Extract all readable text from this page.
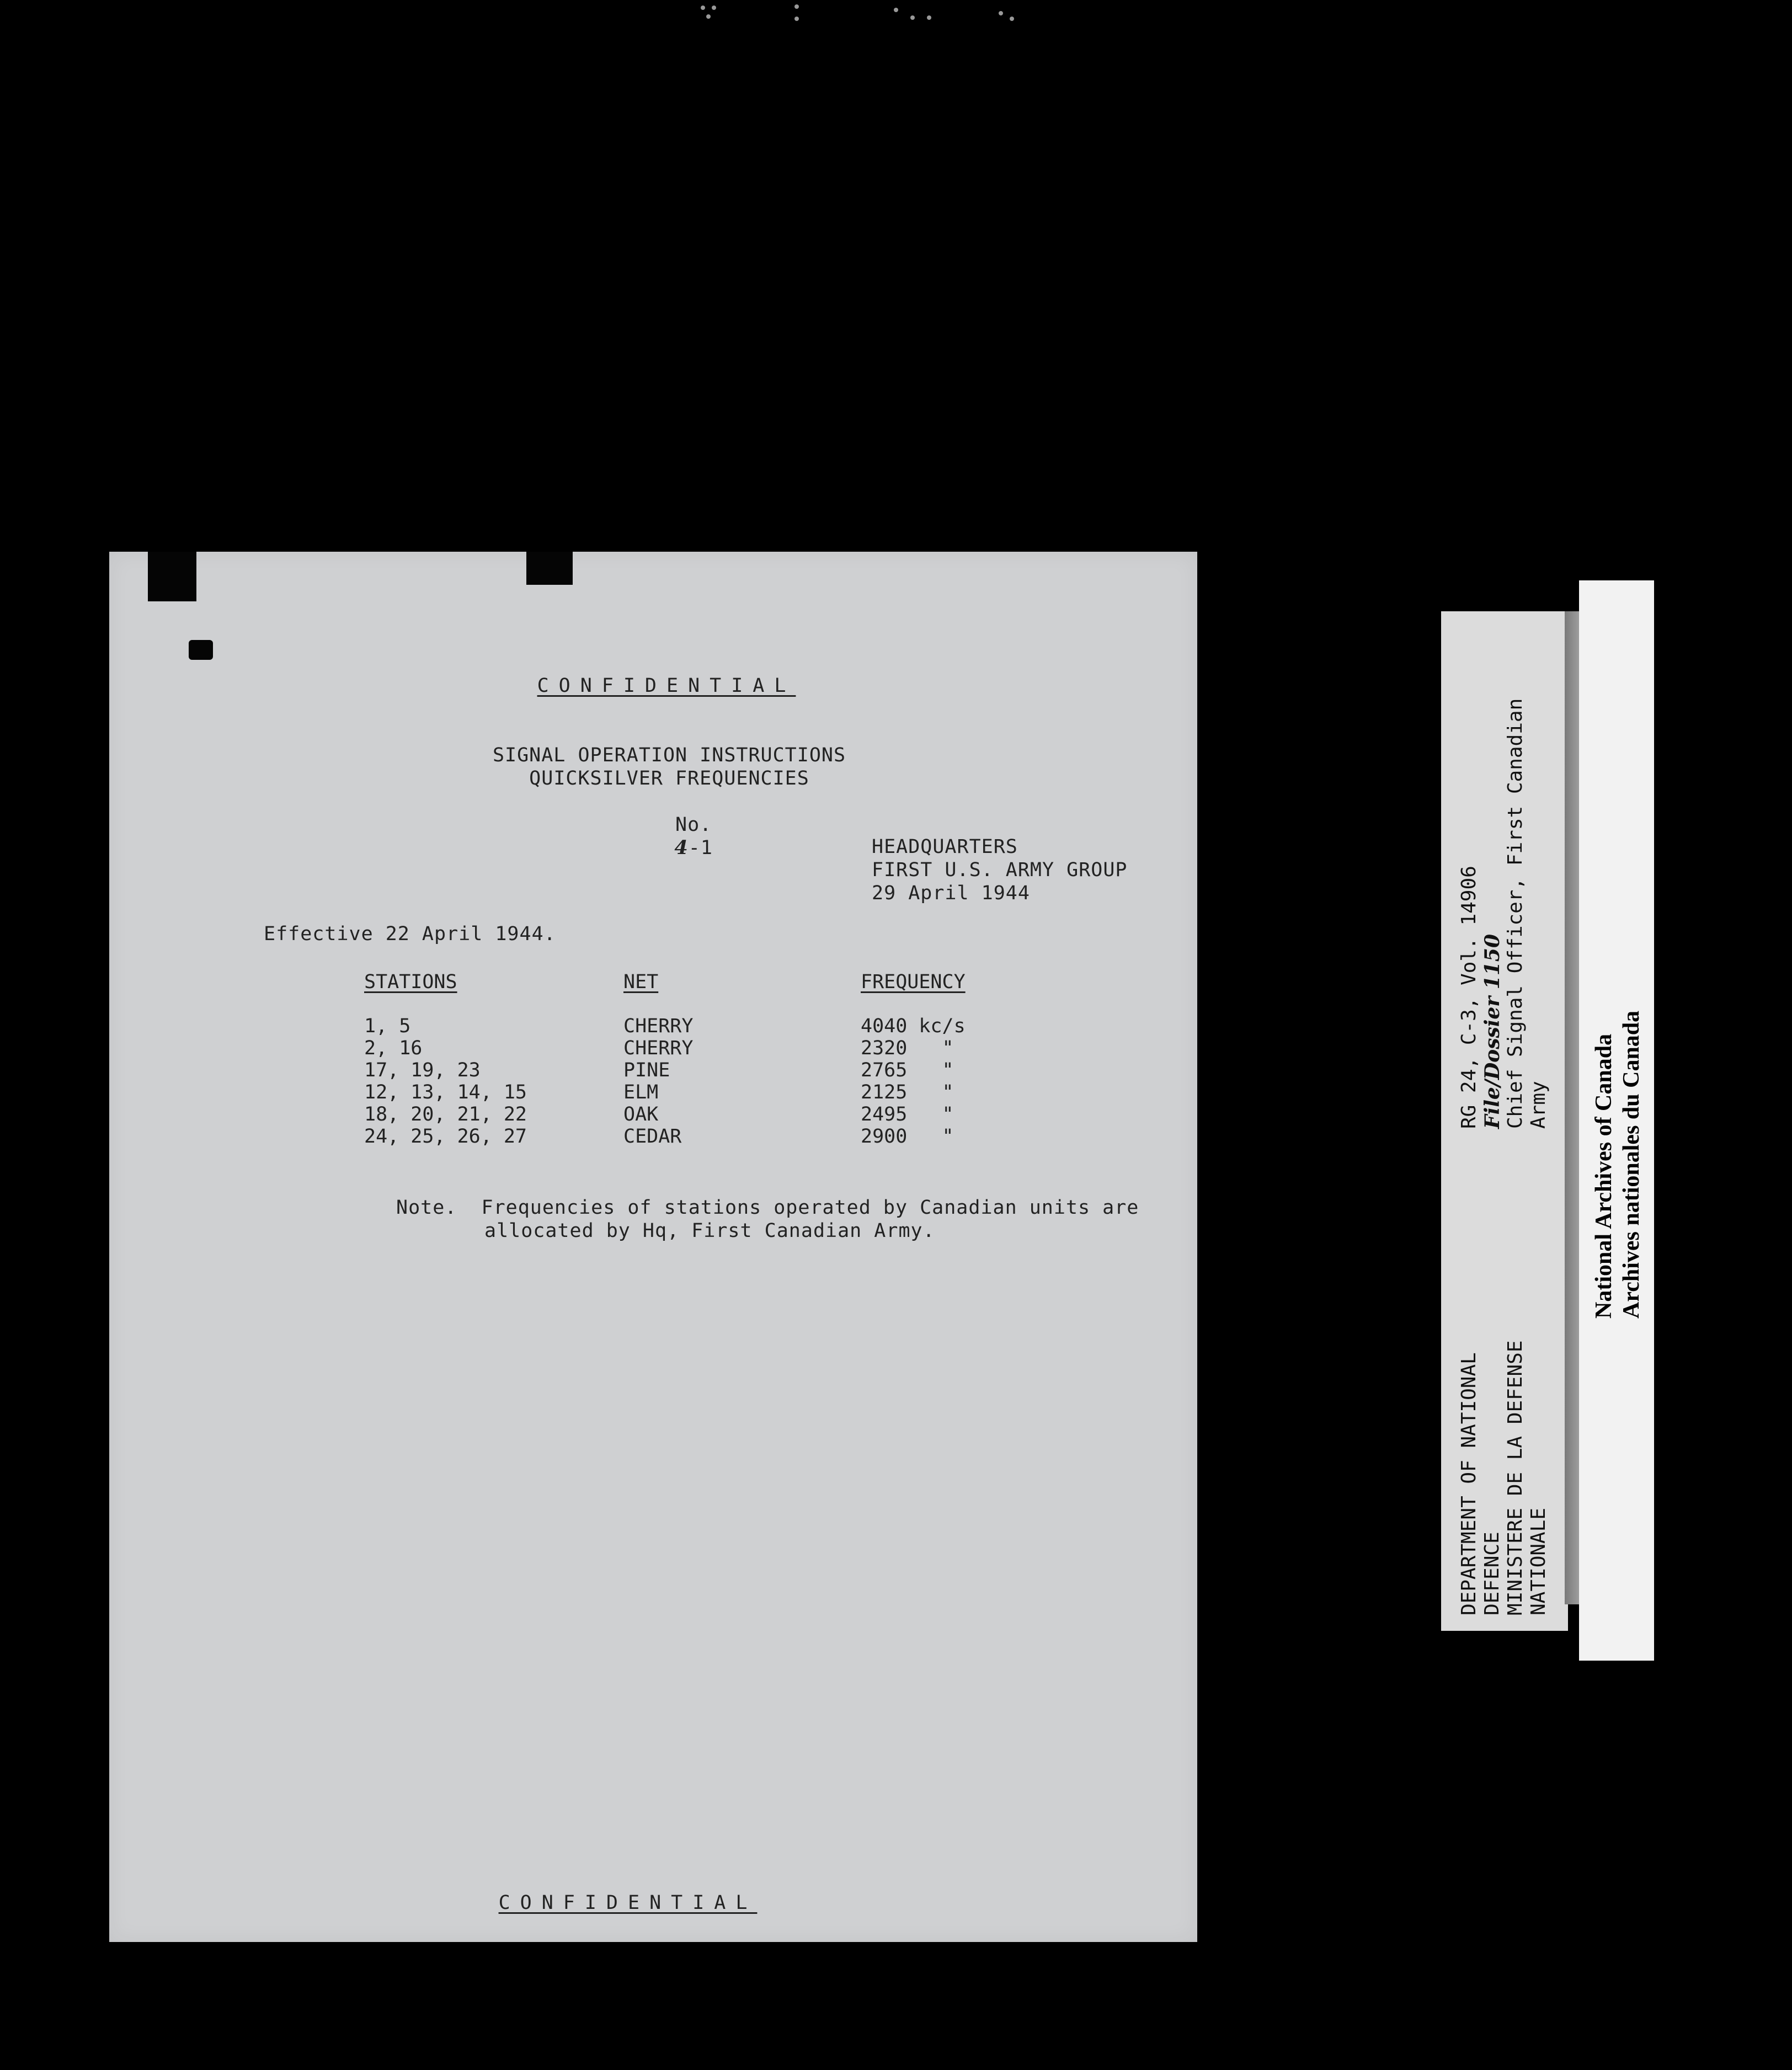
CONFIDENTIAL
SIGNAL OPERATION INSTRUCTIONS
QUICKSILVER FREQUENCIES

No.
4-1
	HEADQUARTERS
FIRST U.S. ARMY GROUP
29 April 1944
Effective 22 April 1944.
STATIONS	NET	FREQUENCY
1, 5	CHERRY	4040 kc/s
2, 16	CHERRY	2320   "
17, 19, 23	PINE	2765   "
12, 13, 14, 15	ELM	2125   "
18, 20, 21, 22	OAK	2495   "
24, 25, 26, 27	CEDAR	2900   "
Note.  Frequencies of stations operated by Canadian units are
allocated by Hq, First Canadian Army.
CONFIDENTIAL
DEPARTMENT OF NATIONAL DEFENCE MINISTERE DE LA DEFENSE NATIONALE
RG 24, C-3, Vol. 14906 File/Dossier 1150 Chief Signal Officer, First Canadian Army National Archives of Canada Archives nationales du Canada
